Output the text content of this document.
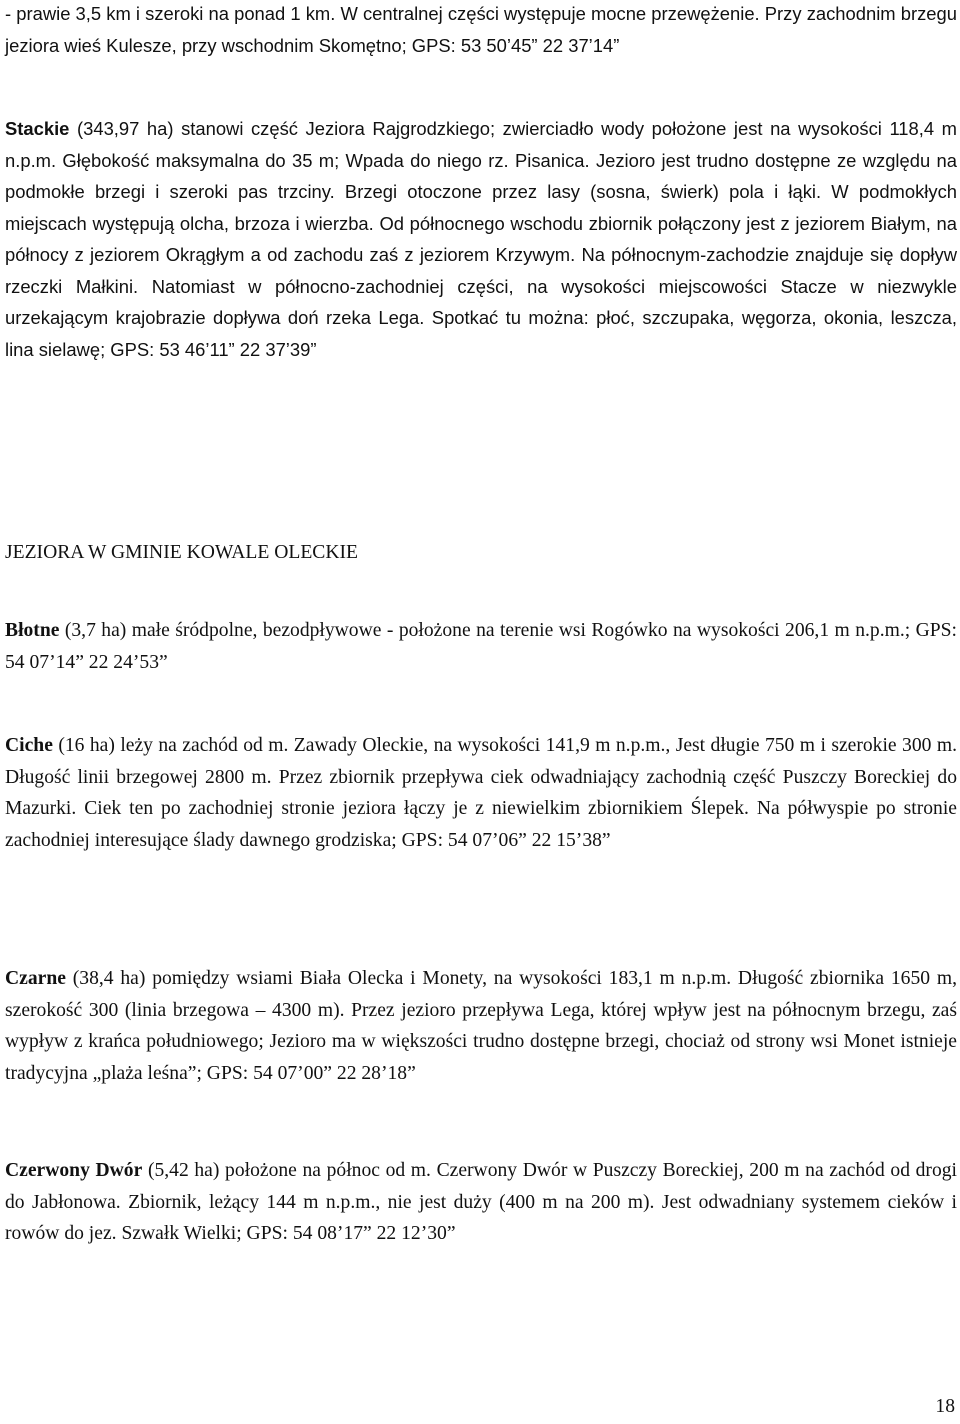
- prawie 3,5 km i szeroki na ponad 1 km. W centralnej części występuje mocne przewężenie. Przy zachodnim brzegu jeziora wieś Kulesze, przy wschodnim Skomętno; GPS: 53 50’45” 22 37’14”

Stackie (343,97 ha) stanowi część Jeziora Rajgrodzkiego; zwierciadło wody położone jest na wysokości 118,4 m n.p.m. Głębokość maksymalna do 35 m; Wpada do niego rz. Pisanica. Jezioro jest trudno dostępne ze względu na podmokłe brzegi i szeroki pas trzciny. Brzegi otoczone przez lasy (sosna, świerk) pola i łąki. W podmokłych miejscach występują olcha, brzoza i wierzba. Od północnego wschodu zbiornik połączony jest z jeziorem Białym, na północy z jeziorem Okrągłym a od zachodu zaś z jeziorem Krzywym. Na północnym-zachodzie znajduje się dopływ rzeczki Małkini. Natomiast w północno-zachodniej części, na wysokości miejscowości Stacze w niezwykle urzekającym krajobrazie dopływa doń rzeka Lega. Spotkać tu można: płoć, szczupaka, węgorza, okonia, leszcza, lina sielawę; GPS: 53 46’11” 22 37’39”

JEZIORA W GMINIE KOWALE OLECKIE

Błotne (3,7 ha) małe śródpolne, bezodpływowe - położone na terenie wsi Rogówko na wysokości 206,1 m n.p.m.; GPS: 54 07’14” 22 24’53”

Ciche (16 ha) leży na zachód od m. Zawady Oleckie, na wysokości 141,9 m n.p.m., Jest długie 750 m i szerokie 300 m. Długość linii brzegowej 2800 m. Przez zbiornik przepływa ciek odwadniający zachodnią część Puszczy Boreckiej do Mazurki. Ciek ten po zachodniej stronie jeziora łączy je z niewielkim zbiornikiem Ślepek. Na półwyspie po stronie zachodniej interesujące ślady dawnego grodziska; GPS: 54 07’06” 22 15’38”

Czarne (38,4 ha) pomiędzy wsiami Biała Olecka i Monety, na wysokości 183,1 m n.p.m. Długość zbiornika 1650 m, szerokość 300 (linia brzegowa – 4300 m). Przez jezioro przepływa Lega, której wpływ jest na północnym brzegu, zaś wypływ z krańca południowego; Jezioro ma w większości trudno dostępne brzegi, chociaż od strony wsi Monet istnieje tradycyjna „plaża leśna”; GPS: 54 07’00” 22 28’18”

Czerwony Dwór (5,42 ha) położone na północ od m. Czerwony Dwór w Puszczy Boreckiej, 200 m na zachód od drogi do Jabłonowa. Zbiornik, leżący 144 m n.p.m., nie jest duży (400 m na 200 m). Jest odwadniany systemem cieków i rowów do jez. Szwałk Wielki; GPS: 54 08’17” 22 12’30”

18
